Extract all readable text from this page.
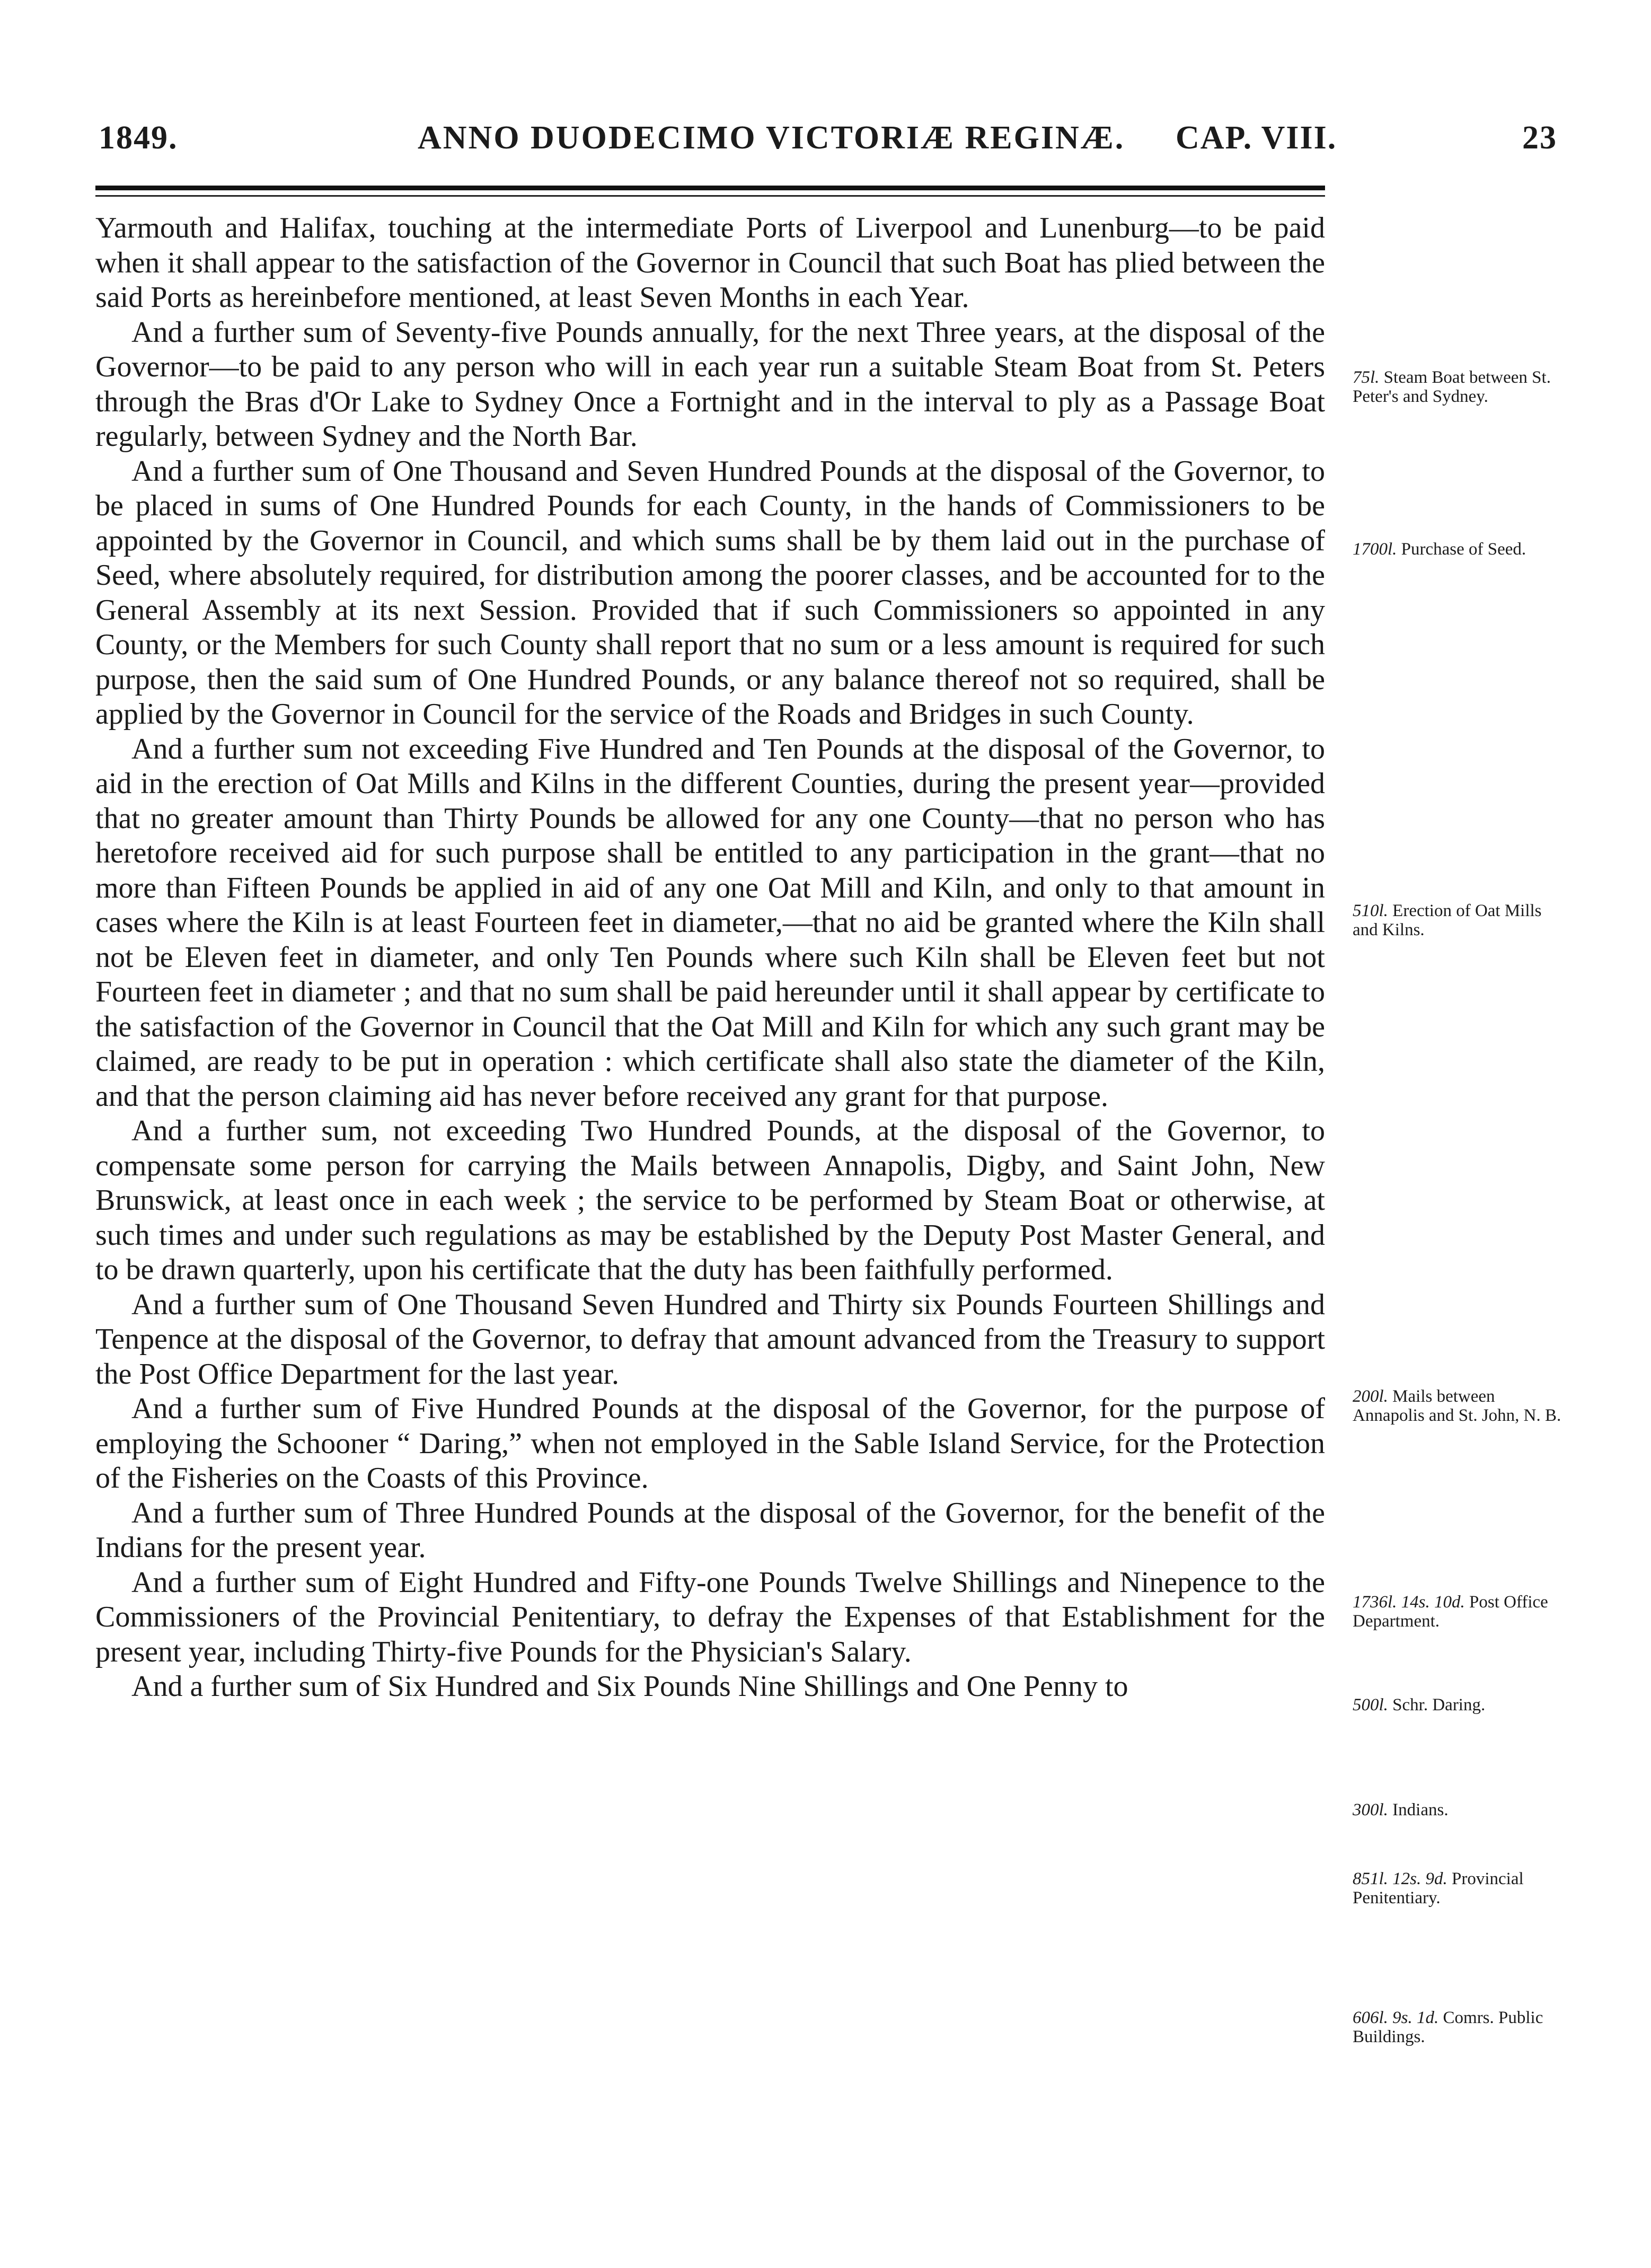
1849.	ANNO DUODECIMO VICTORIÆ REGINÆ. CAP. VIII.	23

Yarmouth and Halifax, touching at the intermediate Ports of Liverpool and Lunenburg—to be paid when it shall appear to the satisfaction of the Governor in Council that such Boat has plied between the said Ports as hereinbefore mentioned, at least Seven Months in each Year.

And a further sum of Seventy-five Pounds annually, for the next Three years, at the disposal of the Governor—to be paid to any person who will in each year run a suitable Steam Boat from St. Peters through the Bras d'Or Lake to Sydney Once a Fortnight and in the interval to ply as a Passage Boat regularly, between Sydney and the North Bar.

And a further sum of One Thousand and Seven Hundred Pounds at the disposal of the Governor, to be placed in sums of One Hundred Pounds for each County, in the hands of Commissioners to be appointed by the Governor in Council, and which sums shall be by them laid out in the purchase of Seed, where absolutely required, for distribution among the poorer classes, and be accounted for to the General Assembly at its next Session. Provided that if such Commissioners so appointed in any County, or the Members for such County shall report that no sum or a less amount is required for such purpose, then the said sum of One Hundred Pounds, or any balance thereof not so required, shall be applied by the Governor in Council for the service of the Roads and Bridges in such County.

And a further sum not exceeding Five Hundred and Ten Pounds at the disposal of the Governor, to aid in the erection of Oat Mills and Kilns in the different Counties, during the present year—provided that no greater amount than Thirty Pounds be allowed for any one County—that no person who has heretofore received aid for such purpose shall be entitled to any participation in the grant—that no more than Fifteen Pounds be applied in aid of any one Oat Mill and Kiln, and only to that amount in cases where the Kiln is at least Fourteen feet in diameter,—that no aid be granted where the Kiln shall not be Eleven feet in diameter, and only Ten Pounds where such Kiln shall be Eleven feet but not Fourteen feet in diameter ; and that no sum shall be paid hereunder until it shall appear by certificate to the satisfaction of the Governor in Council that the Oat Mill and Kiln for which any such grant may be claimed, are ready to be put in operation : which certificate shall also state the diameter of the Kiln, and that the person claiming aid has never before received any grant for that purpose.

And a further sum, not exceeding Two Hundred Pounds, at the disposal of the Governor, to compensate some person for carrying the Mails between Annapolis, Digby, and Saint John, New Brunswick, at least once in each week ; the service to be performed by Steam Boat or otherwise, at such times and under such regulations as may be established by the Deputy Post Master General, and to be drawn quarterly, upon his certificate that the duty has been faithfully performed.

And a further sum of One Thousand Seven Hundred and Thirty six Pounds Fourteen Shillings and Tenpence at the disposal of the Governor, to defray that amount advanced from the Treasury to support the Post Office Department for the last year.

And a further sum of Five Hundred Pounds at the disposal of the Governor, for the purpose of employing the Schooner “ Daring,” when not employed in the Sable Island Service, for the Protection of the Fisheries on the Coasts of this Province.

And a further sum of Three Hundred Pounds at the disposal of the Governor, for the benefit of the Indians for the present year.

And a further sum of Eight Hundred and Fifty-one Pounds Twelve Shillings and Ninepence to the Commissioners of the Provincial Penitentiary, to defray the Expenses of that Establishment for the present year, including Thirty-five Pounds for the Physician's Salary.

And a further sum of Six Hundred and Six Pounds Nine Shillings and One Penny to

75l. Steam Boat between St. Peter's and Sydney.
1700l. Purchase of Seed.
510l. Erection of Oat Mills and Kilns.
200l. Mails between Annapolis and St. John, N. B.
1736l. 14s. 10d. Post Office Department.
500l. Schr. Daring.
300l. Indians.
851l. 12s. 9d. Provincial Penitentiary.
606l. 9s. 1d. Comrs. Public Buildings.
